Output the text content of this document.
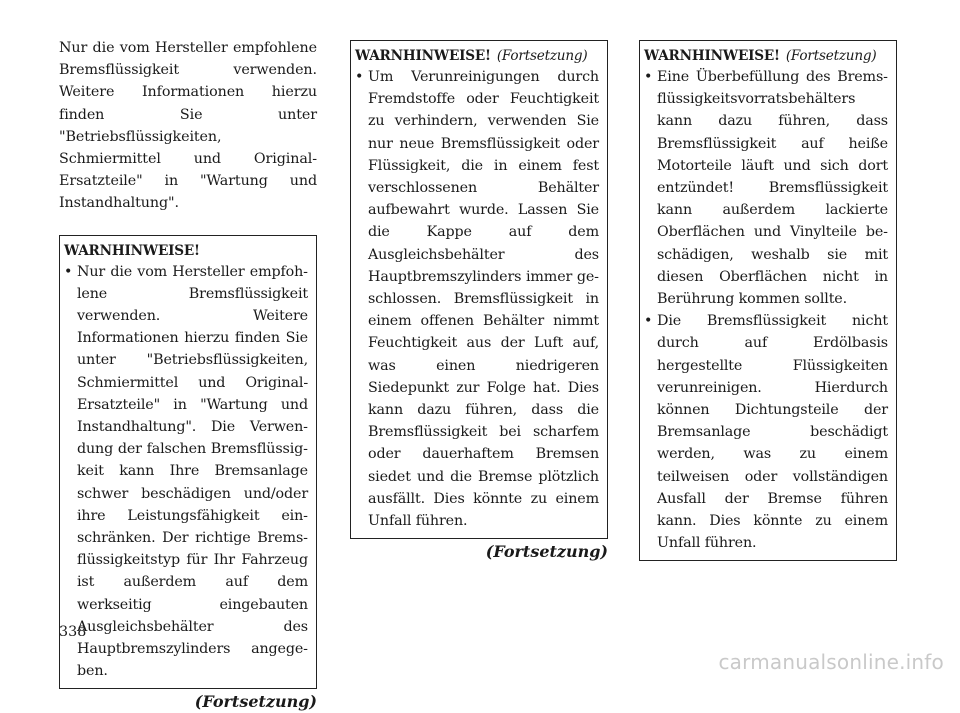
Nur die vom Hersteller empfohlene Bremsflüssigkeit verwenden. Weitere Informationen hierzu finden Sie unter "Betriebsflüssigkeiten, Schmiermittel und Original-Ersatzteile" in "Wartung und Instandhaltung".

WARNHINWEISE!
• Nur die vom Hersteller empfohlene Bremsflüssigkeit verwenden. Weitere Informationen hierzu finden Sie unter "Betriebsflüssigkeiten, Schmiermittel und Original-Ersatzteile" in "Wartung und Instandhaltung". Die Verwendung der falschen Bremsflüssigkeit kann Ihre Bremsanlage schwer beschädigen und/oder ihre Leistungsfähigkeit einschränken. Der richtige Bremsflüssigkeitstyp für Ihr Fahrzeug ist außerdem auf dem werkseitig eingebauten Ausgleichsbehälter des Hauptbremszylinders angegeben.
(Fortsetzung)
WARNHINWEISE! (Fortsetzung)
• Um Verunreinigungen durch Fremdstoffe oder Feuchtigkeit zu verhindern, verwenden Sie nur neue Bremsflüssigkeit oder Flüssigkeit, die in einem fest verschlossenen Behälter aufbewahrt wurde. Lassen Sie die Kappe auf dem Ausgleichsbehälter des Hauptbremszylinders immer geschlossen. Bremsflüssigkeit in einem offenen Behälter nimmt Feuchtigkeit aus der Luft auf, was einen niedrigeren Siedepunkt zur Folge hat. Dies kann dazu führen, dass die Bremsflüssigkeit bei scharfem oder dauerhaftem Bremsen siedet und die Bremse plötzlich ausfällt. Dies könnte zu einem Unfall führen.
(Fortsetzung)
WARNHINWEISE! (Fortsetzung)
• Eine Überbefüllung des Bremsflüssigkeitsvorratsbehälters kann dazu führen, dass Bremsflüssigkeit auf heiße Motorteile läuft und sich dort entzündet! Bremsflüssigkeit kann außerdem lackierte Oberflächen und Vinylteile beschädigen, weshalb sie mit diesen Oberflächen nicht in Berührung kommen sollte.
• Die Bremsflüssigkeit nicht durch auf Erdölbasis hergestellte Flüssigkeiten verunreinigen. Hierdurch können Dichtungsteile der Bremsanlage beschädigt werden, was zu einem teilweisen oder vollständigen Ausfall der Bremse führen kann. Dies könnte zu einem Unfall führen.
338
carmanualsonline.info
